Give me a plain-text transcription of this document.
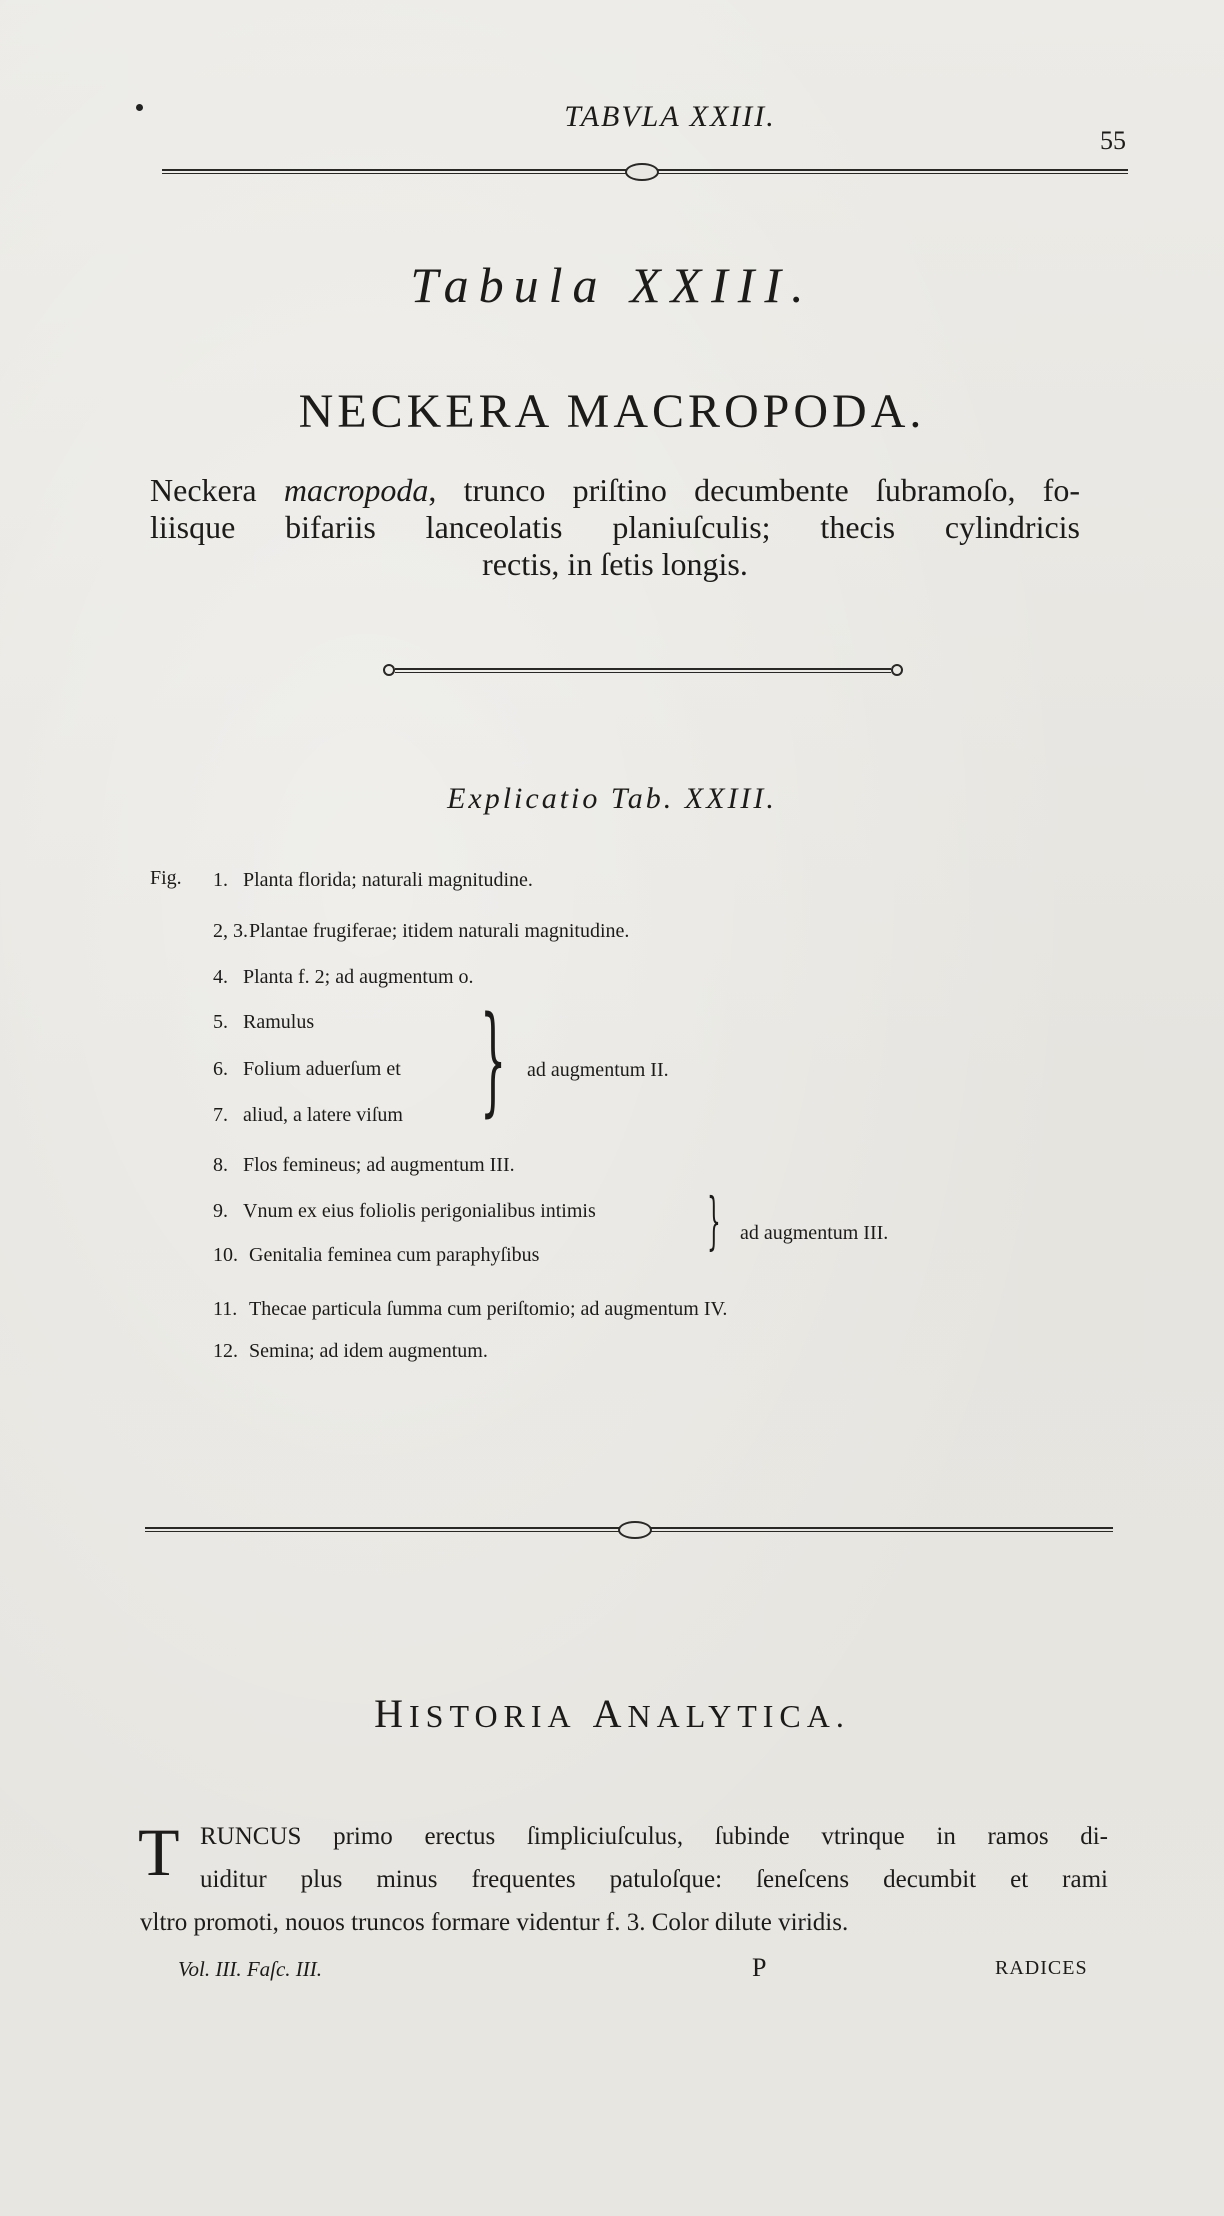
TABVLA XXIII.
55
Tabula XXIII.
NECKERA MACROPODA.
Neckera macropoda, trunco priſtino decumbente ſubramoſo, fo-
liisque bifariis lanceolatis planiuſculis; thecis cylindricis
rectis, in ſetis longis.
Explicatio Tab. XXIII.
Fig. 1. Planta florida; naturali magnitudine.
2, 3.Plantae frugiferae; itidem naturali magnitudine.
4. Planta f. 2; ad augmentum o.
5. Ramulus
6. Folium aduerſum et
7. aliud, a latere viſum } ad augmentum II.
8. Flos femineus; ad augmentum III.
9. Vnum ex eius foliolis perigonialibus intimis
10. Genitalia feminea cum paraphyſibus	} ad augmentum III.
11. Thecae particula ſumma cum periſtomio; ad augmentum IV.
12. Semina; ad idem augmentum.
HISTORIA ANALYTICA.
T RUNCUS primo erectus ſimpliciuſculus, ſubinde vtrinque in ramos di-
uiditur plus minus frequentes patuloſque: ſeneſcens decumbit et rami
vltro promoti, nouos truncos formare videntur f. 3. Color dilute viridis.
Vol. III. Faſc. III.	P	RADICES
